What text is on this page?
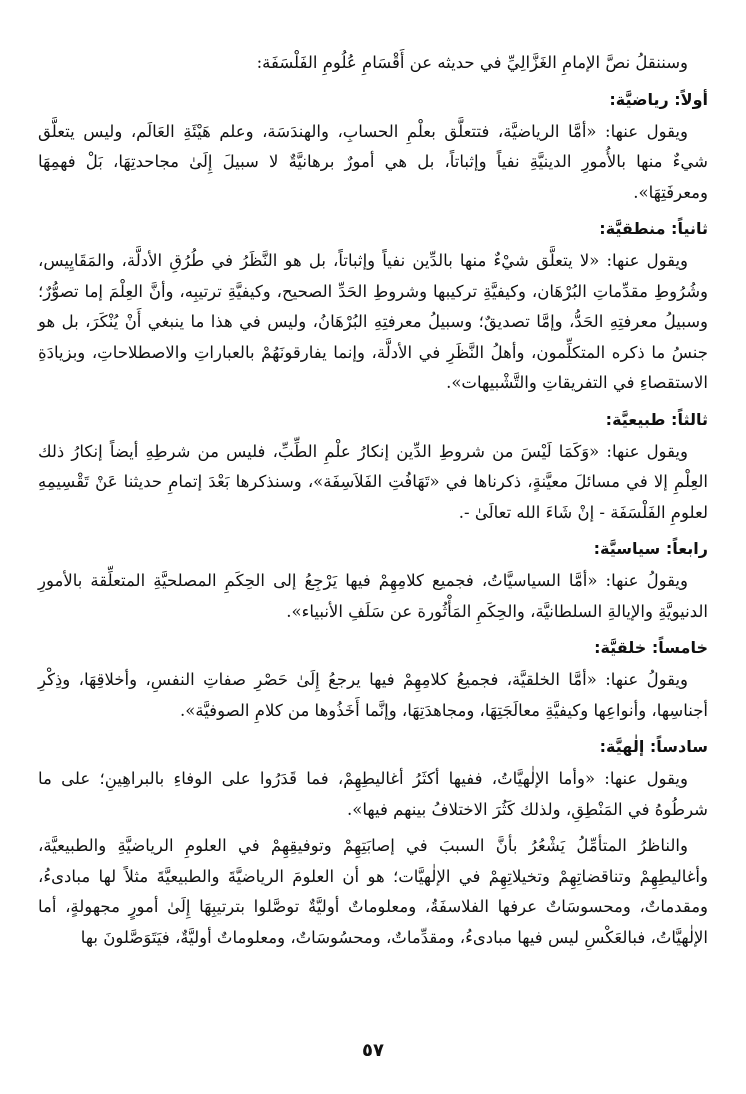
وسننقلُ نصَّ الإمامِ الغَزَّالِيِّ في حديثه عن أَقْسَامِ عُلُومِ الفَلْسَفَة:

أولاً: رياضيَّة:

ويقول عنها: «أمَّا الرياضيَّة، فتتعلَّق بعلْمِ الحسابِ، والهندَسَة، وعلم هَيْئَةِ العَالَم، وليس يتعلَّق شيءٌ منها بالأُمورِ الدينيَّةِ نفياً وإثباتاً، بل هي أمورٌ برهانيَّةٌ لا سبيلَ إِلَىٰ مجاحدتِهَا، بَلْ فهمِهَا ومعرفَتِهَا».

ثانياً: منطقيَّة:

ويقول عنها: «لا يتعلَّق شيْءٌ منها بالدِّين نفياً وإثباتاً، بل هو النَّظَرُ في طُرُقِ الأدلَّة، والمَقَايِيس، وشُرُوطِ مقدِّماتِ البُرْهَان، وكيفيَّةِ تركيبها وشروطِ الحَدِّ الصحيح، وكيفيَّةِ ترتيبِه، وأنَّ العِلْمَ إما تصوُّرٌ؛ وسبيلُ معرفتِهِ الحَدُّ، وإمَّا تصديقٌ؛ وسبيلُ معرفتِهِ البُرْهَانُ، وليس في هذا ما ينبغي أَنْ يُنْكَرَ، بل هو جنسُ ما ذكره المتكلِّمون، وأهلُ النَّظَرِ في الأدلَّة، وإنما يفارقونَهُمْ بالعباراتِ والاصطلاحاتِ، وبزيادَةِ الاستقصاءِ في التفريقاتِ والتَّشْبيهات».

ثالثاً: طبيعيَّة:

ويقول عنها: «وَكَمَا لَيْسَ من شروطِ الدِّين إنكارُ علْمِ الطِّبِّ، فليس من شرطِهِ أيضاً إنكارُ ذلك العِلْمِ إلا في مسائلَ معيَّنةٍ، ذكرناها في «تَهَافُتِ الفَلاَسِفَة»، وسنذكرها بَعْدَ إتمامِ حديثنا عَنْ تَقْسِيمِهِ لعلومِ الفَلْسَفَة - إنْ شَاءَ الله تعالَىٰ -.

رابعاً: سياسيَّة:

ويقولُ عنها: «أمَّا السياسيَّاتُ، فجميع كلامِهِمْ فيها يَرْجِعُ إلى الحِكَمِ المصلحيَّةِ المتعلِّقة بالأمورِ الدنيويَّةِ والإيالةِ السلطانيَّة، والحِكَمِ المَأْثُورة عن سَلَفِ الأنبياء».

خامساً: خلقيَّة:

ويقولُ عنها: «أمَّا الخلقيَّة، فجميعُ كلامِهِمْ فيها يرجعُ إِلَىٰ حَصْرِ صفاتِ النفسِ، وأخلاقِهَا، وذِكْرِ أجناسِها، وأنواعِها وكيفيَّةِ معالَجَتِهَا، ومجاهدَتِهَا، وإنَّما أَخَذُوها من كلامِ الصوفيَّة».

سادساً: إلٰهيَّة:

ويقول عنها: «وأما الإلٰهيَّاتُ، ففيها أكثَرُ أغاليطِهِمْ، فما قَدَرُوا على الوفاءِ بالبراهِينِ؛ على ما شرطُوهُ في المَنْطِقِ، ولذلك كَثُرَ الاختلافُ بينهم فيها».

والناظرُ المتأمِّلُ يَشْعُرُ بأنَّ السببَ في إصابَتِهِمْ وتوفيقِهِمْ في العلومِ الرياضيَّةِ والطبيعيَّة، وأغاليطِهِمْ وتناقضاتِهِمْ وتخيلاتِهِمْ في الإلٰهيَّات؛ هو أن العلومَ الرياضيَّةَ والطبيعيَّةَ مثلاً لها مبادىءُ، ومقدماتٌ، ومحسوسَاتٌ عرفها الفلاسفَةُ، ومعلوماتٌ أوليَّةٌ توصَّلوا بترتيبِهَا إِلَىٰ أمورٍ مجهولةٍ، أما الإلٰهيَّاتُ، فبالعَكْسِ ليس فيها مبادىءُ، ومقدِّماتٌ، ومحسُوسَاتٌ، ومعلوماتٌ أوليَّةٌ، فيَتَوَصَّلونَ بها

٥٧
